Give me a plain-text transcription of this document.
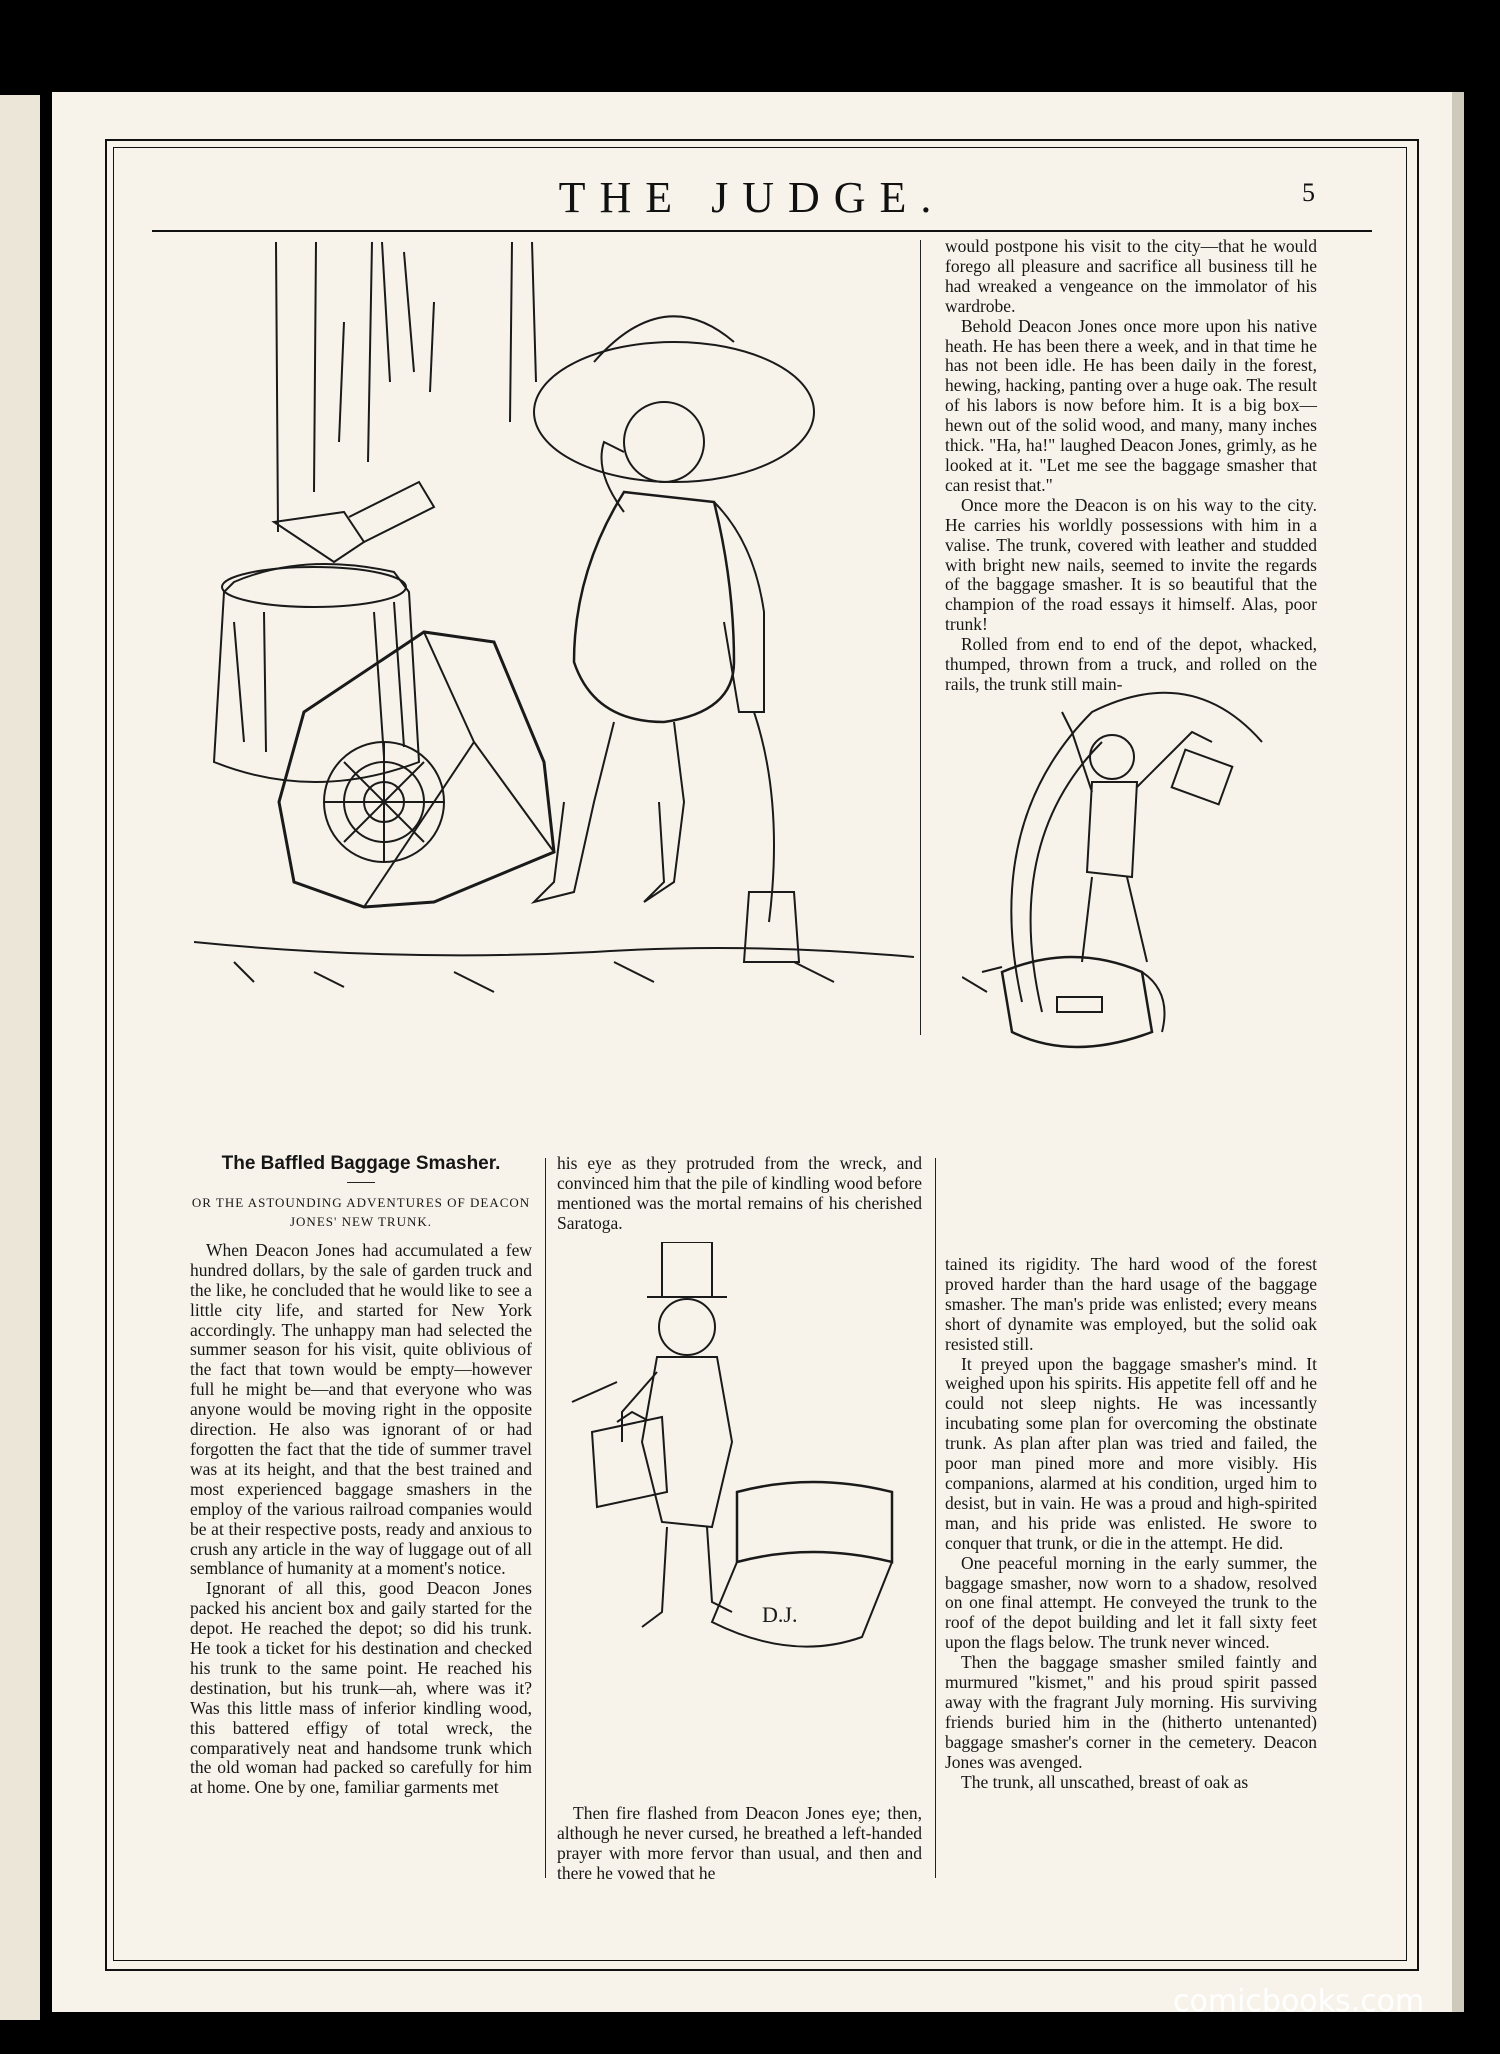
THE JUDGE.	5
D.J.
The Baffled Baggage Smasher.
OR THE ASTOUNDING ADVENTURES OF DEACON JONES' NEW TRUNK.

When Deacon Jones had accumulated a few hundred dollars, by the sale of garden truck and the like, he concluded that he would like to see a little city life, and started for New York accordingly. The unhappy man had selected the summer season for his visit, quite oblivious of the fact that town would be empty—however full he might be—and that everyone who was anyone would be moving right in the opposite direction. He also was ignorant of or had forgotten the fact that the tide of summer travel was at its height, and that the best trained and most experienced baggage smashers in the employ of the various railroad companies would be at their respective posts, ready and anxious to crush any article in the way of luggage out of all semblance of humanity at a moment's notice.

Ignorant of all this, good Deacon Jones packed his ancient box and gaily started for the depot. He reached the depot; so did his trunk. He took a ticket for his destination and checked his trunk to the same point. He reached his destination, but his trunk—ah, where was it? Was this little mass of inferior kindling wood, this battered effigy of total wreck, the comparatively neat and handsome trunk which the old woman had packed so carefully for him at home. One by one, familiar garments met

his eye as they protruded from the wreck, and convinced him that the pile of kindling wood before mentioned was the mortal remains of his cherished Saratoga.

Then fire flashed from Deacon Jones eye; then, although he never cursed, he breathed a left-handed prayer with more fervor than usual, and then and there he vowed that he

would postpone his visit to the city—that he would forego all pleasure and sacrifice all business till he had wreaked a vengeance on the immolator of his wardrobe.

Behold Deacon Jones once more upon his native heath. He has been there a week, and in that time he has not been idle. He has been daily in the forest, hewing, hacking, panting over a huge oak. The result of his labors is now before him. It is a big box—hewn out of the solid wood, and many, many inches thick. "Ha, ha!" laughed Deacon Jones, grimly, as he looked at it. "Let me see the baggage smasher that can resist that."

Once more the Deacon is on his way to the city. He carries his worldly possessions with him in a valise. The trunk, covered with leather and studded with bright new nails, seemed to invite the regards of the baggage smasher. It is so beautiful that the champion of the road essays it himself. Alas, poor trunk!

Rolled from end to end of the depot, whacked, thumped, thrown from a truck, and rolled on the rails, the trunk still main-

tained its rigidity. The hard wood of the forest proved harder than the hard usage of the baggage smasher. The man's pride was enlisted; every means short of dynamite was employed, but the solid oak resisted still.

It preyed upon the baggage smasher's mind. It weighed upon his spirits. His appetite fell off and he could not sleep nights. He was incessantly incubating some plan for overcoming the obstinate trunk. As plan after plan was tried and failed, the poor man pined more and more visibly. His companions, alarmed at his condition, urged him to desist, but in vain. He was a proud and high-spirited man, and his pride was enlisted. He swore to conquer that trunk, or die in the attempt. He did.

One peaceful morning in the early summer, the baggage smasher, now worn to a shadow, resolved on one final attempt. He conveyed the trunk to the roof of the depot building and let it fall sixty feet upon the flags below. The trunk never winced.

Then the baggage smasher smiled faintly and murmured "kismet," and his proud spirit passed away with the fragrant July morning. His surviving friends buried him in the (hitherto untenanted) baggage smasher's corner in the cemetery. Deacon Jones was avenged.

The trunk, all unscathed, breast of oak as

comicbooks.com
